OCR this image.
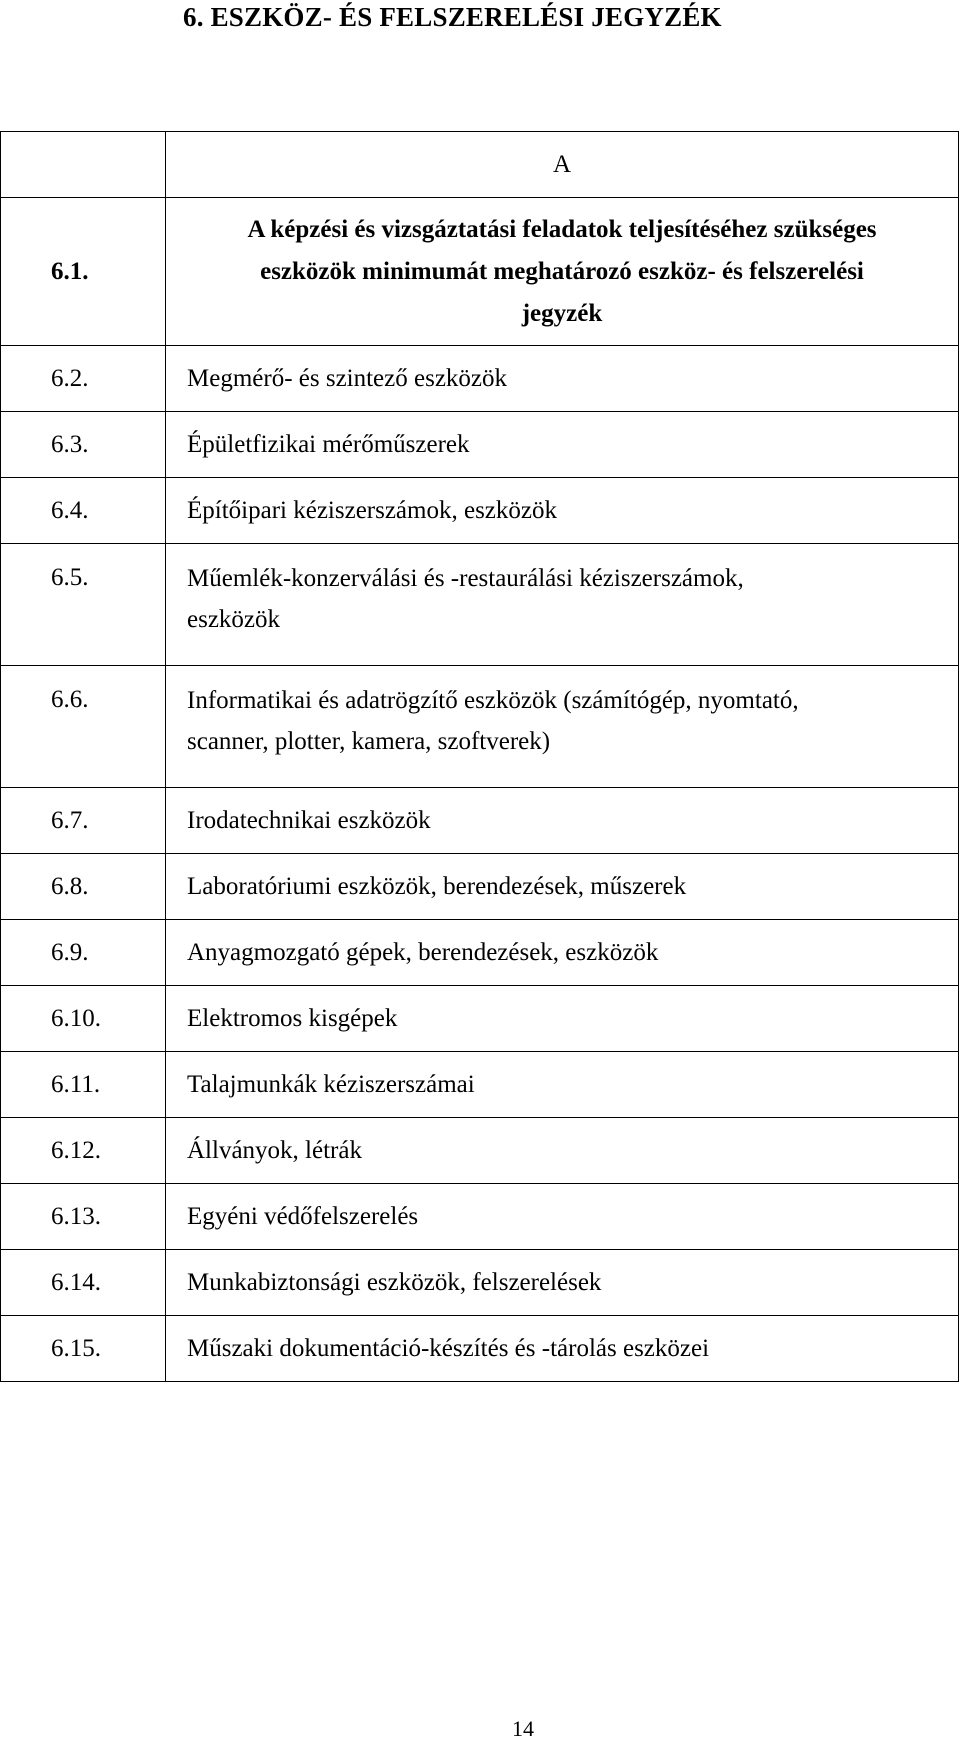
6. ESZKÖZ- ÉS FELSZERELÉSI JEGYZÉK
	A
6.1.	A képzési és vizsgáztatási feladatok teljesítéséhez szükséges
eszközök minimumát meghatározó eszköz- és felszerelési
jegyzék
6.2.	Megmérő- és szintező eszközök
6.3.	Épületfizikai mérőműszerek
6.4.	Építőipari kéziszerszámok, eszközök
6.5.	Műemlék-konzerválási és -restaurálási kéziszerszámok,
eszközök

6.6.	Informatikai és adatrögzítő eszközök (számítógép, nyomtató,
scanner, plotter, kamera, szoftverek)

6.7.	Irodatechnikai eszközök
6.8.	Laboratóriumi eszközök, berendezések, műszerek
6.9.	Anyagmozgató gépek, berendezések, eszközök
6.10.	Elektromos kisgépek
6.11.	Talajmunkák kéziszerszámai
6.12.	Állványok, létrák
6.13.	Egyéni védőfelszerelés
6.14.	Munkabiztonsági eszközök, felszerelések
6.15.	Műszaki dokumentáció-készítés és -tárolás eszközei
14
